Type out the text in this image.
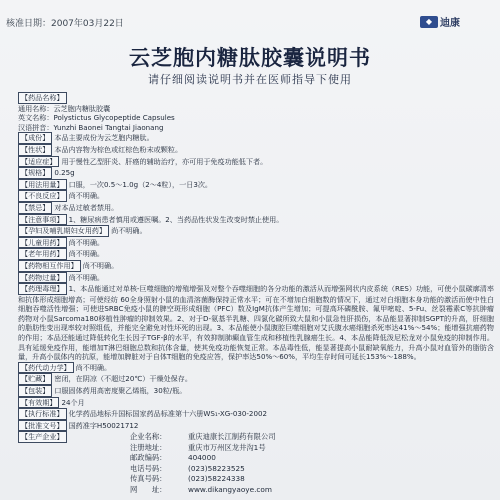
核准日期：2007年03月22日	◆ 迪康
云芝胞内糖肽胶囊说明书
请仔细阅读说明书并在医师指导下使用
【药品名称】
通用名称：云芝胞内糖肽胶囊
英文名称：Polystictus Glycopeptide Capsules
汉语拼音：Yunzhi Baonei Tangtai Jiaonang
【成份】 本品主要成份为云芝胞内糖肽。
【性状】 本品内容物为棕色或红棕色粉末或颗粒。
【适应症】 用于慢性乙型肝炎、肝癌的辅助治疗，亦可用于免疫功能低下者。
【规格】 0.25g
【用法用量】 口服，一次0.5～1.0g（2～4粒），一日3次。
【不良反应】 尚不明确。
【禁忌】 对本品过敏者禁用。
【注意事项】 1、糖尿病患者慎用或遵医嘱。2、当药品性状发生改变时禁止使用。
【孕妇及哺乳期妇女用药】 尚不明确。
【儿童用药】 尚不明确。
【老年用药】 尚不明确。
【药物相互作用】 尚不明确。
【药物过量】 尚不明确。
【药理毒理】 1、本品能通过对单核-巨噬细胞的增殖增强及对整个吞噬细胞的各分功能的激活从而增强网状内皮系统（RES）功能，可使小鼠碳廓清率和抗体形成细胞增高；可使经纺 60全身照射小鼠的血清溶菌酶保持正常水平；可在不增加白细胞数的情况下，通过对白细胞本身功能的激活而使中性白细胞吞噬活性增强；可使进SRBC免疫小鼠的脾空斑形成细胞（PFC）数及IgM抗体产生增加；可提高环磷酰胺、氟甲嘧啶、5-Fu、丝裂霉素C等抗肿瘤药物对小鼠Sarcoma180移植性肿瘤的抑制效果。2、对于D-氨基半乳糖、四氯化碳所致大鼠和小鼠急性肝损伤，本品能显著抑制SGPT的升高，肝细胞的脂肪性变出现率较对照组低，并能完全避免对性坏死的出现。3、本品能使小鼠腹腔巨噬细胞对艾氏腹水癌细胞杀死率达41%～54%；能增强抗癌药物的作用；本品还能通过降低转化生长因子TGF-β的水平，有效抑制肺癫血管生成和移植性乳腺癌生长。4、本品能降低泼尼松龙对小鼠免疫的抑制作用。具有延缓免疫作用，能增加T淋巴细胞总数和抗体含量，使其免疫功能恢复正常。本品毒性低，能显著提高小鼠耐缺氧能力，升高小鼠对血管外的脂肪含量，升高小鼠体内的抗原，能增加脾脏对于自体T细胞的免疫应答，保护率达50%～60%，平均生存时间可延长153%～188%。
【药代动力学】 尚不明确。
【贮藏】 密闭，在阴凉（不超过20℃）干燥处保存。
【包装】 口服固体药用高密度聚乙烯瓶，30粒/瓶。
【有效期】 24个月
【执行标准】 化学药品地标升国标国家药品标准第十六册WS₁-XG-030-2002
【批准文号】 国药准字H50021712
【生产企业】	企业名称：	重庆迪康长江制药有限公司
注册地址：	重庆市万州区龙井沟1号
邮政编码：	404000
电话号码：	(023)58223525
传真号码：	(023)58224338
网　　址：	www.dikangyaoye.com
